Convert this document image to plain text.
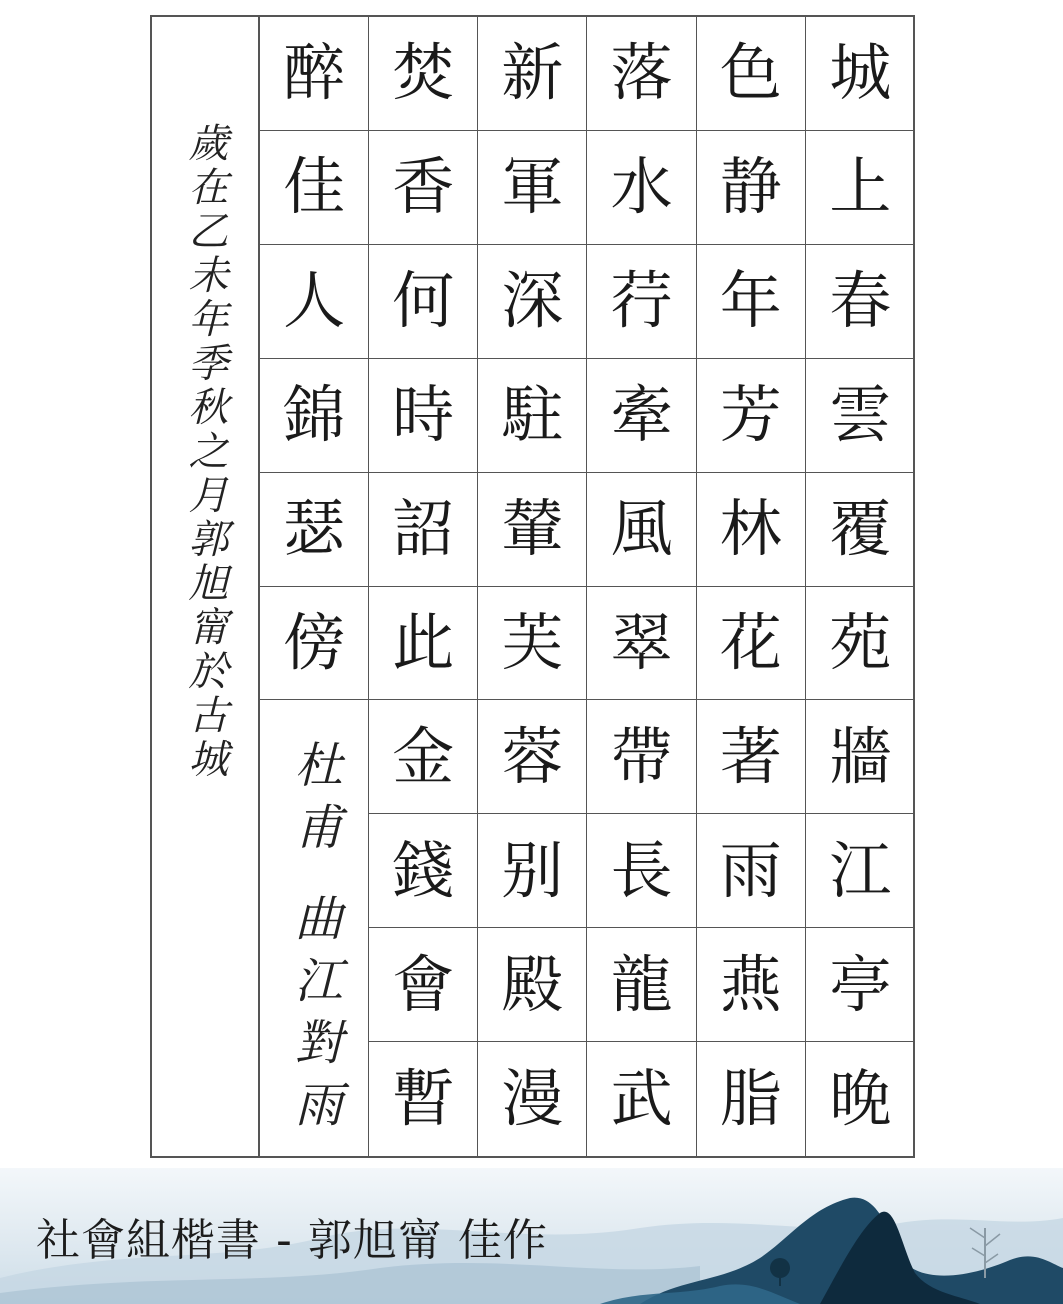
歲在乙未年季秋之月郭旭甯於古城
城
上
春
雲
覆
苑
牆
江
亭
晚
色
静
年
芳
林
花
著
雨
燕
脂
落
水
荇
牽
風
翠
帶
長
龍
武
新
軍
深
駐
輦
芙
蓉
别
殿
漫
焚
香
何
時
詔
此
金
錢
會
暫
醉
佳
人
錦
瑟
傍
杜甫 曲江對雨
社會組楷書 - 郭旭甯 佳作
